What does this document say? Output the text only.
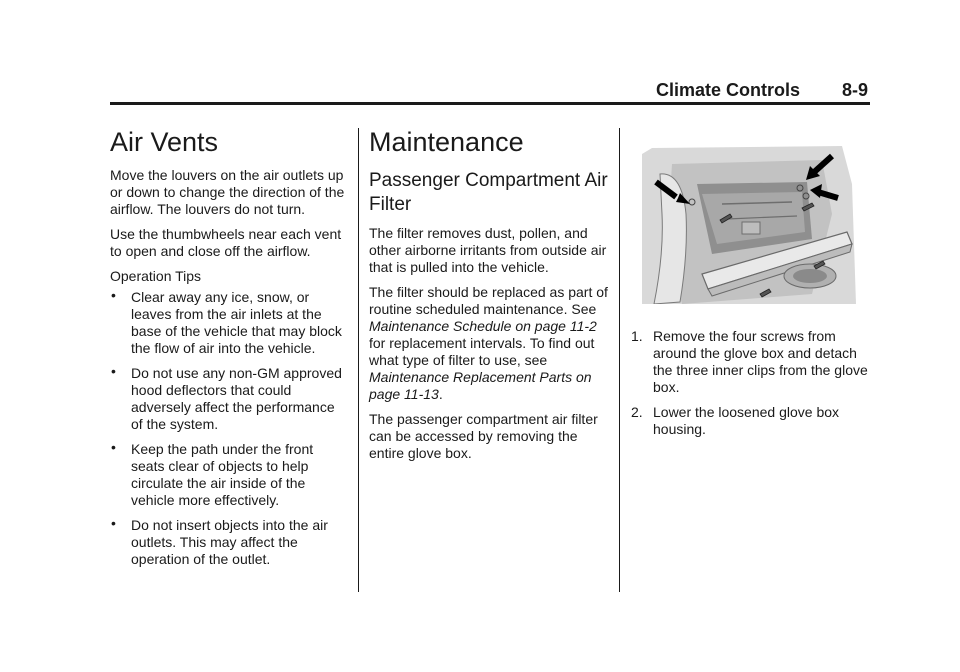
Climate Controls 8-9
Air Vents

Move the louvers on the air outlets up or down to change the direction of the airflow. The louvers do not turn.

Use the thumbwheels near each vent to open and close off the airflow.

Operation Tips

• Clear away any ice, snow, or leaves from the air inlets at the base of the vehicle that may block the flow of air into the vehicle.
• Do not use any non-GM approved hood deflectors that could adversely affect the performance of the system.
• Keep the path under the front seats clear of objects to help circulate the air inside of the vehicle more effectively.
• Do not insert objects into the air outlets. This may affect the operation of the outlet.
Maintenance
Passenger Compartment Air Filter

The filter removes dust, pollen, and other airborne irritants from outside air that is pulled into the vehicle.

The filter should be replaced as part of routine scheduled maintenance. See Maintenance Schedule on page 11-2 for replacement intervals. To find out what type of filter to use, see Maintenance Replacement Parts on page 11-13.

The passenger compartment air filter can be accessed by removing the entire glove box.

1. Remove the four screws from around the glove box and detach the three inner clips from the glove box.
2. Lower the loosened glove box housing.
